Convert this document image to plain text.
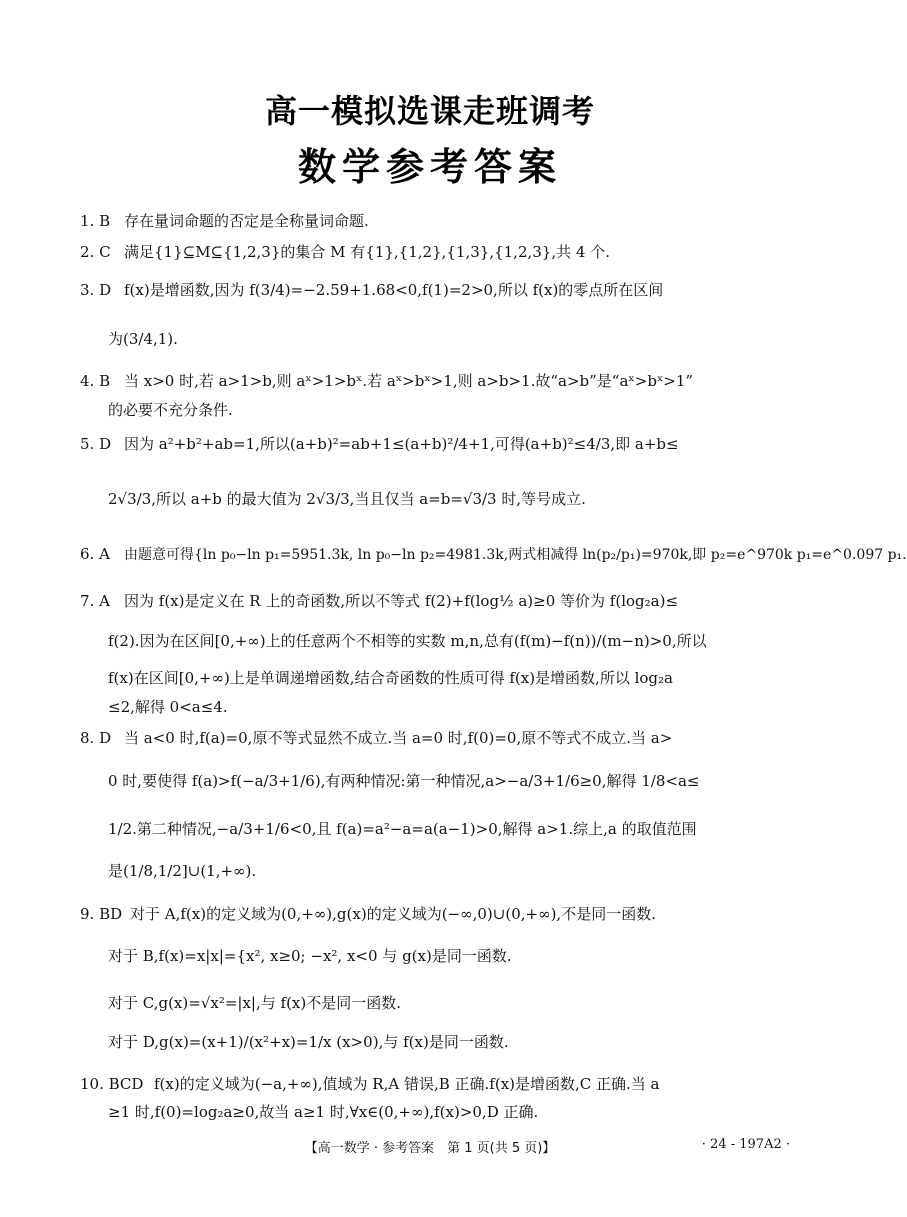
高一模拟选课走班调考
数学参考答案
1. B 存在量词命题的否定是全称量词命题.
2. C 满足{1}⊆M⊆{1,2,3}的集合 M 有{1},{1,2},{1,3},{1,2,3},共 4 个.
3. D f(x)是增函数,因为 f(3/4)=−2.59+1.68<0,f(1)=2>0,所以 f(x)的零点所在区间
为(3/4,1).
4. B 当 x>0 时,若 a>1>b,则 aˣ>1>bˣ.若 aˣ>bˣ>1,则 a>b>1.故“a>b”是“aˣ>bˣ>1”
的必要不充分条件.
5. D 因为 a²+b²+ab=1,所以(a+b)²=ab+1≤(a+b)²/4+1,可得(a+b)²≤4/3,即 a+b≤
2√3/3,所以 a+b 的最大值为 2√3/3,当且仅当 a=b=√3/3 时,等号成立.
6. A 由题意可得{ln p₀−ln p₁=5951.3k, ln p₀−ln p₂=4981.3k,两式相减得 ln(p₂/p₁)=970k,即 p₂=e^970k p₁=e^0.097 p₁.
7. A 因为 f(x)是定义在 R 上的奇函数,所以不等式 f(2)+f(log½ a)≥0 等价为 f(log₂a)≤
f(2).因为在区间[0,+∞)上的任意两个不相等的实数 m,n,总有(f(m)−f(n))/(m−n)>0,所以
f(x)在区间[0,+∞)上是单调递增函数,结合奇函数的性质可得 f(x)是增函数,所以 log₂a
≤2,解得 0<a≤4.
8. D 当 a<0 时,f(a)=0,原不等式显然不成立.当 a=0 时,f(0)=0,原不等式不成立.当 a>
0 时,要使得 f(a)>f(−a/3+1/6),有两种情况:第一种情况,a>−a/3+1/6≥0,解得 1/8<a≤
1/2.第二种情况,−a/3+1/6<0,且 f(a)=a²−a=a(a−1)>0,解得 a>1.综上,a 的取值范围
是(1/8,1/2]∪(1,+∞).
9. BD 对于 A,f(x)的定义域为(0,+∞),g(x)的定义域为(−∞,0)∪(0,+∞),不是同一函数.
对于 B,f(x)=x|x|={x², x≥0; −x², x<0 与 g(x)是同一函数.
对于 C,g(x)=√x²=|x|,与 f(x)不是同一函数.
对于 D,g(x)=(x+1)/(x²+x)=1/x (x>0),与 f(x)是同一函数.
10. BCD f(x)的定义域为(−a,+∞),值域为 R,A 错误,B 正确.f(x)是增函数,C 正确.当 a
≥1 时,f(0)=log₂a≥0,故当 a≥1 时,∀x∈(0,+∞),f(x)>0,D 正确.
【高一数学 · 参考答案　第 1 页(共 5 页)】	· 24 - 197A2 ·
